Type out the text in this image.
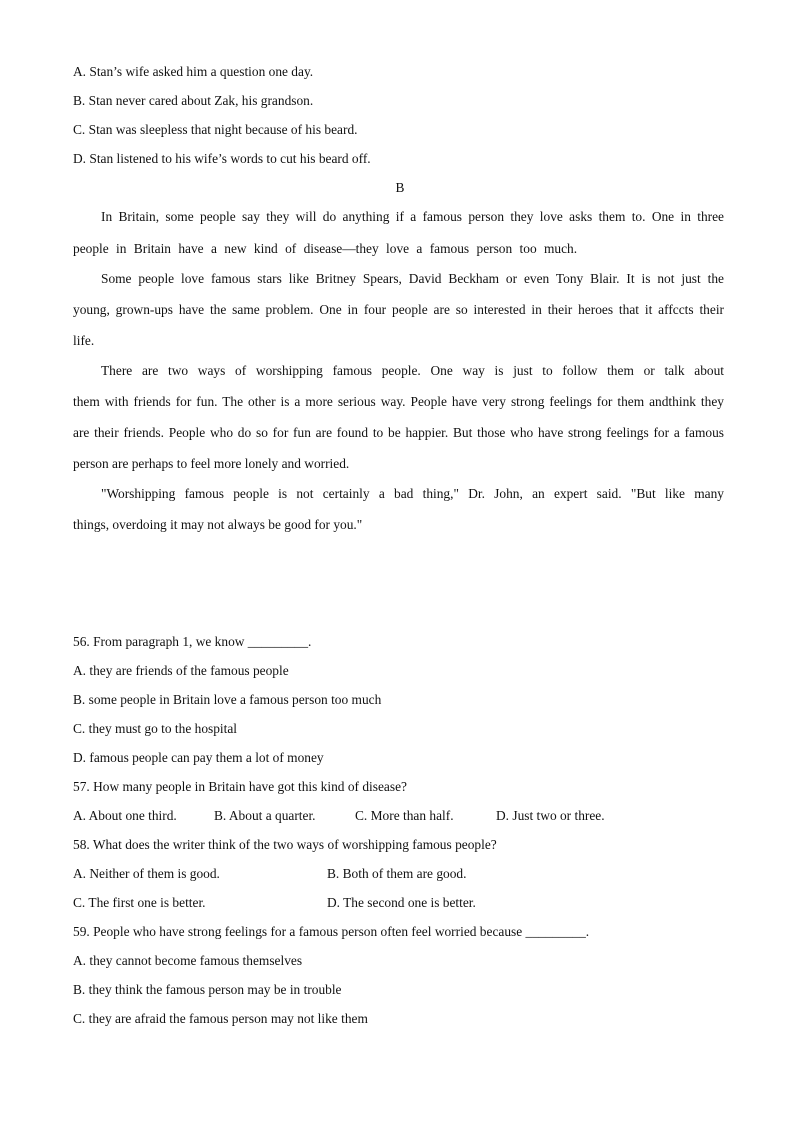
A. Stan’s wife asked him a question one day.
B. Stan never cared about Zak, his grandson.
C. Stan was sleepless that night because of his beard.
D. Stan listened to his wife’s words to cut his beard off.
B
In Britain, some people say they will do anything if a famous person they love asks them to. One in three
people in Britain have a new kind of disease—they love a famous person too much.
Some people love famous stars like Britney Spears, David Beckham or even Tony Blair. It is not just the
young, grown-ups have the same problem. One in four people are so interested in their heroes that it affccts their
life.
There are two ways of worshipping famous people. One way is just to follow them or talk about
them with friends for fun. The other is a more serious way. People have very strong feelings for them andthink they
are their friends. People who do so for fun are found to be happier. But those who have strong feelings for a famous
person are perhaps to feel more lonely and worried.
"Worshipping famous people is not certainly a bad thing," Dr. John, an expert said. "But like many
things, overdoing it may not always be good for you."
56. From paragraph 1, we know _________.
A. they are friends of the famous people
B. some people in Britain love a famous person too much
C. they must go to the hospital
D. famous people can pay them a lot of money
57. How many people in Britain have got this kind of disease?
A. About one third.	B. About a quarter.	C. More than half.	D. Just two or three.
58. What does the writer think of the two ways of worshipping famous people?
A. Neither of them is good.	B. Both of them are good.
C. The first one is better.	D. The second one is better.
59. People who have strong feelings for a famous person often feel worried because _________.
A. they cannot become famous themselves
B. they think the famous person may be in trouble
C. they are afraid the famous person may not like them
